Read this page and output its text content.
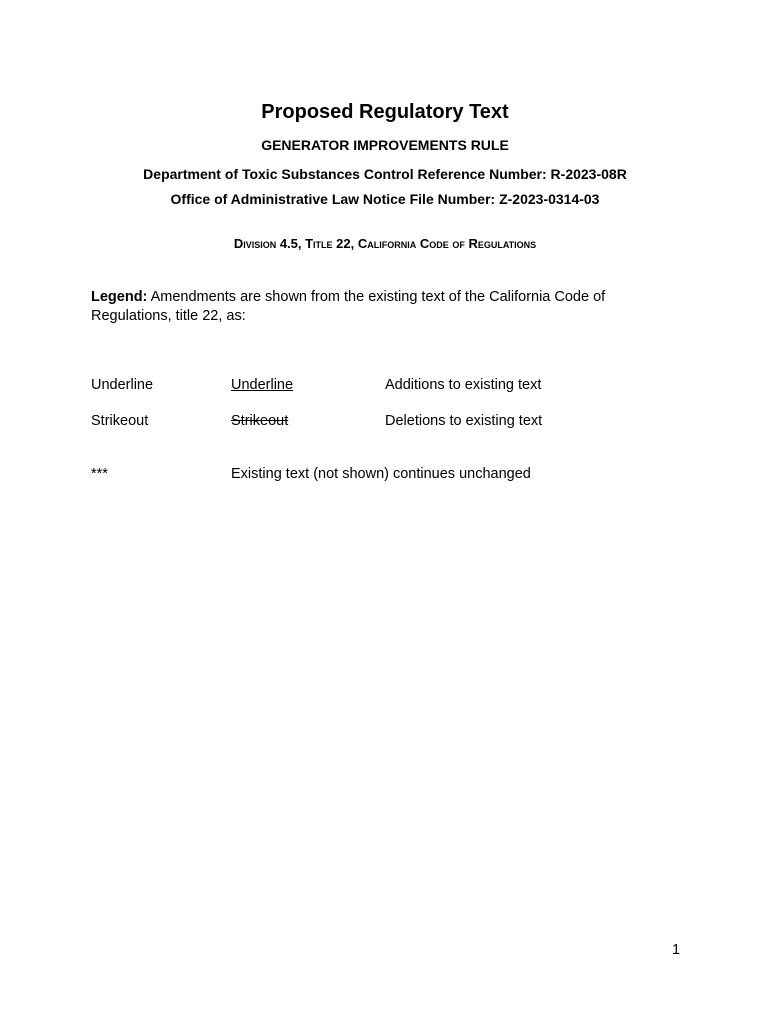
Proposed Regulatory Text
GENERATOR IMPROVEMENTS RULE
Department of Toxic Substances Control Reference Number: R-2023-08R
Office of Administrative Law Notice File Number: Z-2023-0314-03
Division 4.5, Title 22, California Code of Regulations
Legend: Amendments are shown from the existing text of the California Code of Regulations, title 22, as:
Underline	Underline	Additions to existing text
Strikeout	Strikeout	Deletions to existing text
***	Existing text (not shown) continues unchanged
1
